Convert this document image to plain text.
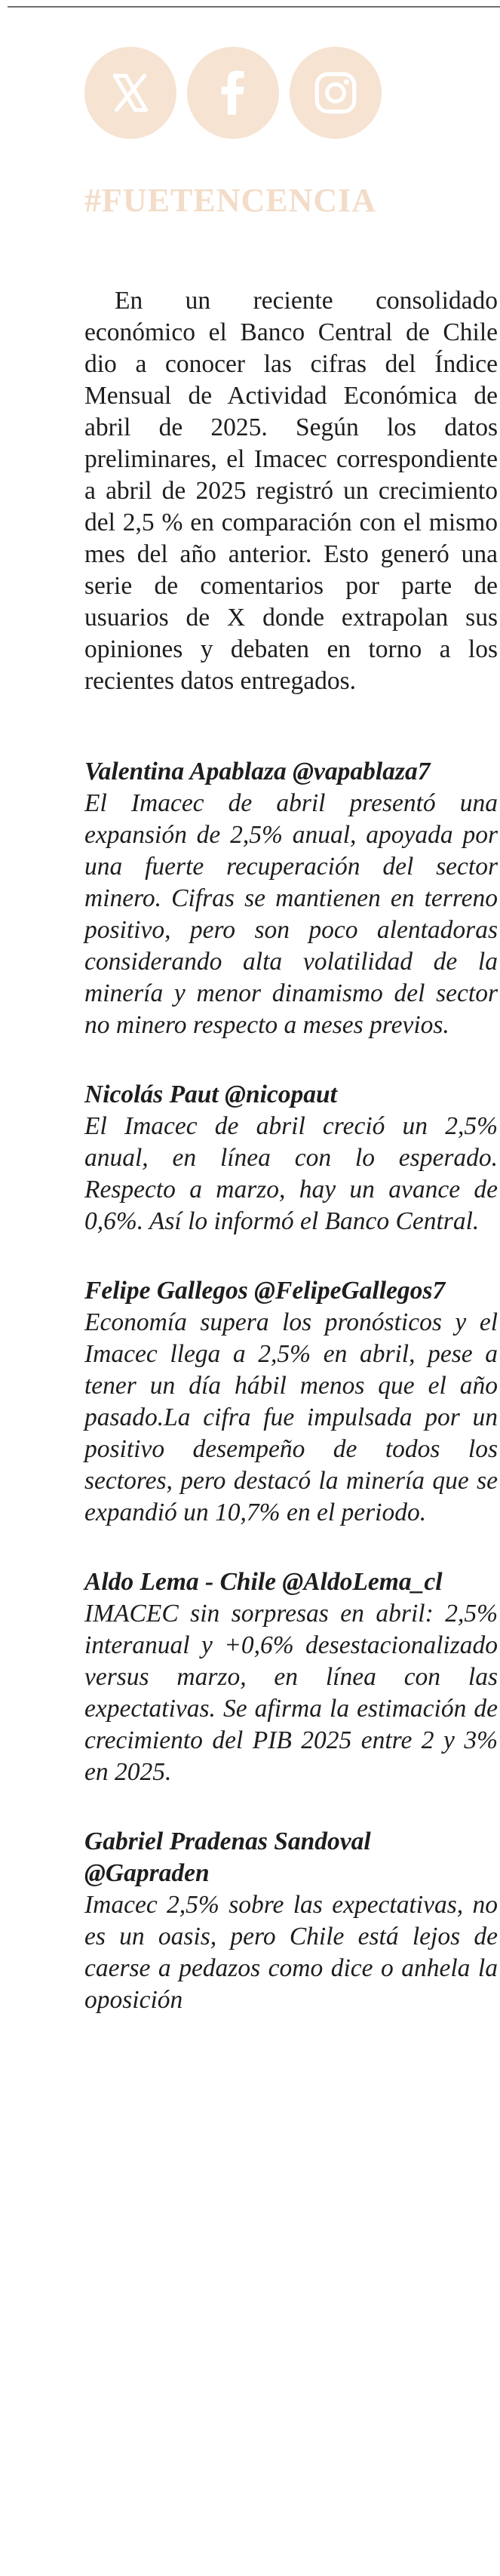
#FUETENCENCIA

En un reciente consolidado económico el Banco Central de Chile dio a conocer las cifras del Índice Mensual de Actividad Económica de abril de 2025. Según los datos preliminares, el Imacec correspondiente a abril de 2025 registró un crecimiento del 2,5 % en comparación con el mismo mes del año anterior. Esto generó una serie de comentarios por parte de usuarios de X donde extrapolan sus opiniones y debaten en torno a los recientes datos entregados.

Valentina Apablaza @vapablaza7
El Imacec de abril presentó una expansión de 2,5% anual, apoyada por una fuerte recuperación del sector minero. Cifras se mantienen en terreno positivo, pero son poco alentadoras considerando alta volatilidad de la minería y menor dinamismo del sector no minero respecto a meses previos.
Nicolás Paut @nicopaut
El Imacec de abril creció un 2,5% anual, en línea con lo esperado. Respecto a marzo, hay un avance de 0,6%. Así lo informó el Banco Central.
Felipe Gallegos @FelipeGallegos7
Economía supera los pronósticos y el Imacec llega a 2,5% en abril, pese a tener un día hábil menos que el año pasado.La cifra fue impulsada por un positivo desempeño de todos los sectores, pero destacó la minería que se expandió un 10,7% en el periodo.
Aldo Lema - Chile @AldoLema_cl
IMACEC sin sorpresas en abril: 2,5% interanual y +0,6% desestacionalizado versus marzo, en línea con las expectativas. Se afirma la estimación de crecimiento del PIB 2025 entre 2 y 3% en 2025.
Gabriel Pradenas Sandoval @Gapraden
Imacec 2,5% sobre las expectativas, no es un oasis, pero Chile está lejos de caerse a pedazos como dice o anhela la oposición
